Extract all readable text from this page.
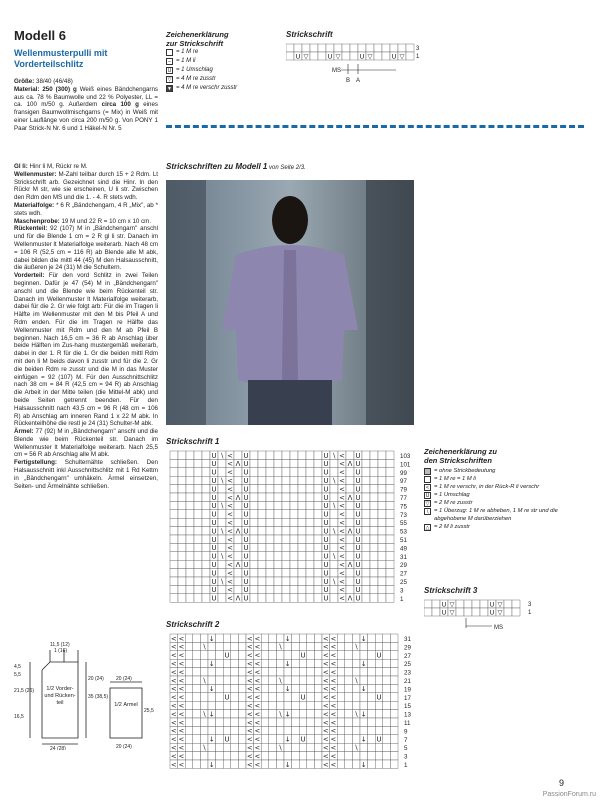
Modell 6
Wellenmusterpulli mit Vorderteilschlitz
Größe: 38/40 (46/48)
Material: 250 (300) g Weiß eines Bändchengarns aus ca. 78 % Baumwolle und 22 % Polyester, LL = ca. 100 m/50 g. Außerdem circa 100 g eines fransigen Baumwollmischgarns (= Mix) in Weiß mit einer Lauflänge von circa 200 m/50 g. Von PONY 1 Paar Strick-N Nr. 6 und 1 Häkel-N Nr. 5
Gl li: Hinr li M, Rückr re M.
Wellenmuster: M-Zahl teilbar durch 15 + 2 Rdm. Lt Strickschrift arb. Gezeichnet sind die Hinr. In den Rückr M str, wie sie erscheinen, U li str. Zwischen den Rdm den MS und die 1. - 4. R stets wdh.
Materialfolge: * 6 R „Bändchengarn, 4 R „Mix", ab * stets wdh.
Maschenprobe: 19 M und 22 R = 10 cm x 10 cm.
Rückenteil: 92 (107) M in „Bändchengarn" anschl und für die Blende 1 cm = 2 R gl li str. Danach im Wellenmuster lt Materialfolge weiterarb. Nach 48 cm = 106 R (52,5 cm = 116 R) ab Blende alle M abk, dabei bilden die mittl 44 (45) M den Halsausschnitt, die äußeren je 24 (31) M die Schultern.
Vorderteil: Für den vord Schlitz in zwei Teilen beginnen. Dafür je 47 (54) M in „Bändchengarn" anschl und die Blende wie beim Rückenteil str. Danach im Wellenmuster lt Materialfolge weiterarb, dabei für die 2. Gr wie folgt arb: Für die im Tragen li Hälfte im Wellenmuster mit den M bis Pfeil A und Rdm enden. Für die im Tragen re Hälfte das Wellenmuster mit Rdm und den M ab Pfeil B beginnen. Nach 16,5 cm = 36 R ab Anschlag über beide Hälften im Zus-hang mustergemäß weiterarb, dabei in der 1. R für die 1. Gr die beiden mittl Rdm mit den li M beids davon li zusstr und für die 2. Gr die beiden Rdm re zusstr und die M in das Muster einfügen = 92 (107) M. Für den Ausschnittschlitz nach 38 cm = 84 R (42,5 cm = 94 R) ab Anschlag die Arbeit in der Mitte teilen (die Mittel-M abk) und beide Seiten getrennt beenden. Für den Halsausschnitt nach 43,5 cm = 96 R (48 cm = 106 R) ab Anschlag am inneren Rand 1 x 22 M abk. In Rückenteilhöhe die restl je 24 (31) Schulter-M abk.
Ärmel: 77 (92) M in „Bändchengarn" anschl und die Blende wie beim Rückenteil str. Danach im Wellenmuster lt Materialfolge weiterarb. Nach 25,5 cm = 56 R ab Anschlag alle M abk.
Fertigstellung: Schulternähte schließen. Den Halsausschnitt inkl Ausschnittschlitz mit 1 Rd Kettm in „Bändchengarn" umhäkeln. Ärmel einsetzen, Seiten- und Ärmelnähte schließen.
11,5 (12)
1 (16)
4,5
5,5
21,5 (26)
16,5
20 (24)
35 (38,5)
24 (28)
20 (24)
25,5
20 (24)
1/2 Vorder- und Rücken- teil	1/2 Ärmel
Zeichenerklärung
zur Strickschrift
= 1 M re
– = 1 M li
U = 1 Umschlag
▽ = 4 M re zusstr
▼ = 4 M re verschr zusstr
Strickschrift
U ▽	U ▽	U ▽	U ▽
3
1
MS
B A
Strickschriften zu Modell 1 von Seite 2/3.
Strickschrift 1
U ∖ < U	U ∖ < U
U < Λ U	U < Λ U
U < U	U < U
U ∖ < U	U ∖ < U
U < U	U < U
U < Λ U	U < Λ U
U ∖ < U	U ∖ < U
U < U	U < U
U < U	U < U
U ∖ < Λ U	U ∖ < Λ U
U < U	U < U
U < U	U < U
U ∖ < U	U ∖ < U
U < Λ U	U < Λ U
U < U	U < U
U ∖ < U	U ∖ < U
U < U	U < U
U < Λ U	U < Λ U
103
101
99
97
79
77
75
73
55
53
51
49
31
29
27
25
3
1
Zeichenerklärung zu
den Strickschriften
= ohne Strickbedeutung
= 1 M re = 1 M li
< = 1 M re verschr, in der Rück-R li verschr
U = 1 Umschlag
▽ = 2 M re zusstr
∖ = 1 Überzug: 1 M re abheben, 1 M re str und die abgehobene M darüberziehen
△ = 2 M li zusstr
Strickschrift 3
U ▽	U ▽
U ▽	U ▽
3
1
MS
Strickschrift 2
< <	↓	< <	↓	< <	↓
< <	∖	< <	∖	< <	∖
< <	U	< <	U	< <	U
< <	↓	< <	↓	< <	↓
< <	< <	< <
< <	∖	< <	∖	< <	∖
< <	↓	< <	↓	< <	↓
< <	U	< <	U	< <	U
< <	< <	< <
< <	∖ ↓	< <	∖ ↓	< <	∖ ↓
< <	< <	< <
< <	< <	< <
< <	↓ U	< <	↓ U	< <	↓ U
< <	∖	< <	∖	< <	∖
< <	< <	< <
< <	↓	< <	↓	< <	↓
31
29
27
25
23
21
19
17
15
13
11
9
7
5
3
1
9
PassionForum.ru
